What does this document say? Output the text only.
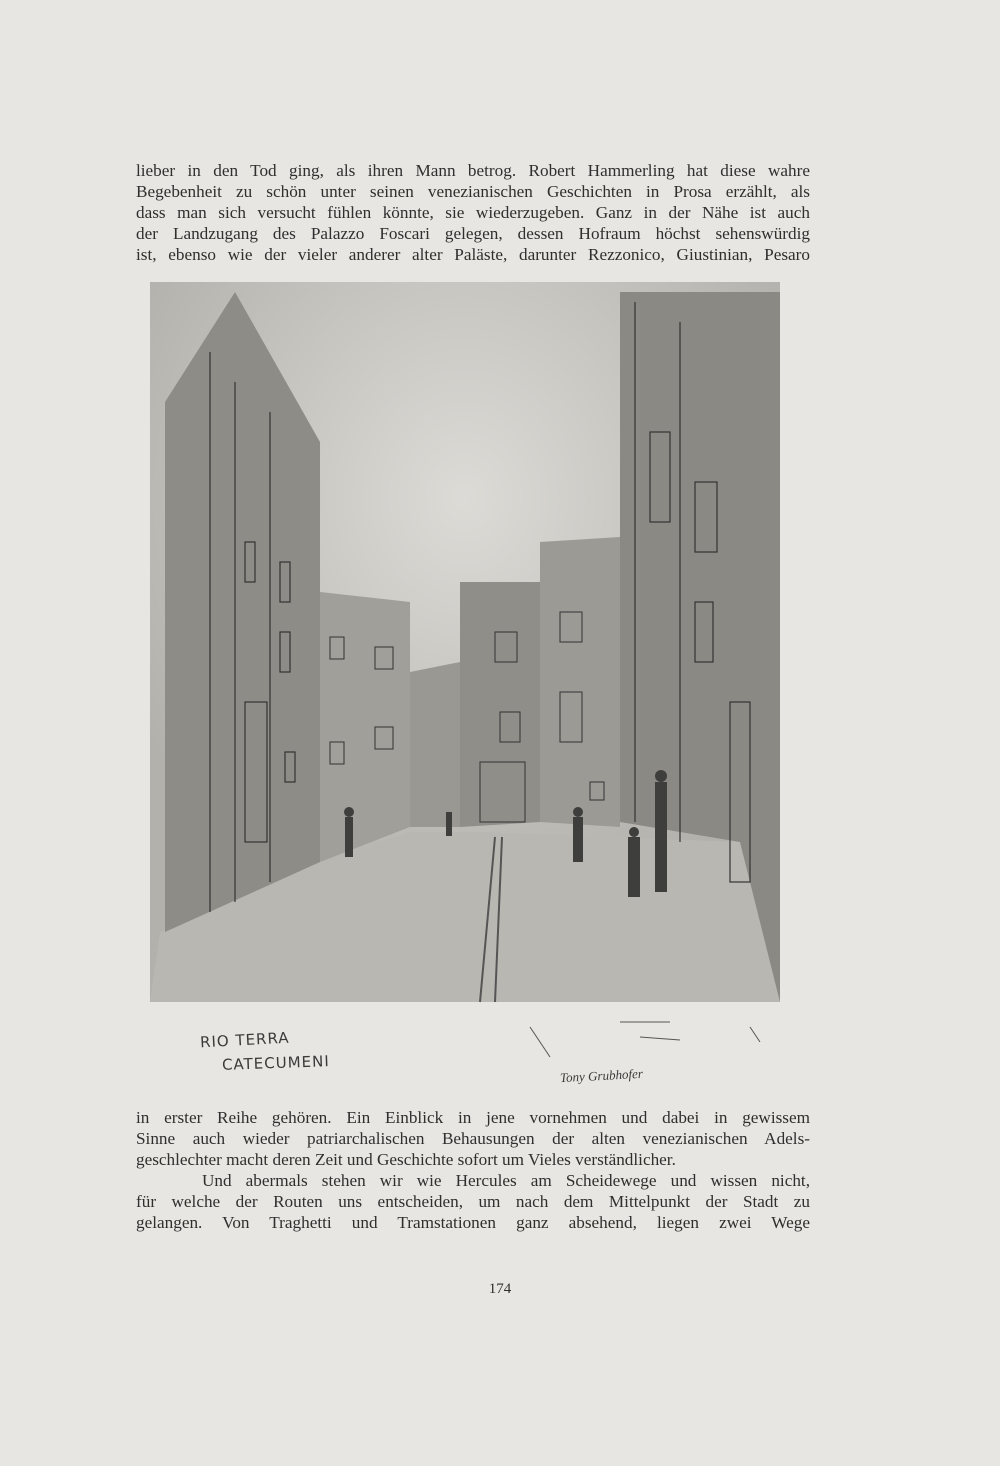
lieber in den Tod ging, als ihren Mann betrog. Robert Hammerling hat diese wahre
Begebenheit zu schön unter seinen venezianischen Geschichten in Prosa erzählt, als
dass man sich versucht fühlen könnte, sie wiederzugeben. Ganz in der Nähe ist auch
der Landzugang des Palazzo Foscari gelegen, dessen Hofraum höchst sehenswürdig
ist, ebenso wie der vieler anderer alter Paläste, darunter Rezzonico, Giustinian, Pesaro
RIO TERRA
CATECUMENI
Tony Grubhofer
in erster Reihe gehören. Ein Einblick in jene vornehmen und dabei in gewissem
Sinne auch wieder patriarchalischen Behausungen der alten venezianischen Adels-
geschlechter macht deren Zeit und Geschichte sofort um Vieles verständlicher.
Und abermals stehen wir wie Hercules am Scheidewege und wissen nicht,
für welche der Routen uns entscheiden, um nach dem Mittelpunkt der Stadt zu
gelangen. Von Traghetti und Tramstationen ganz absehend, liegen zwei Wege
174
